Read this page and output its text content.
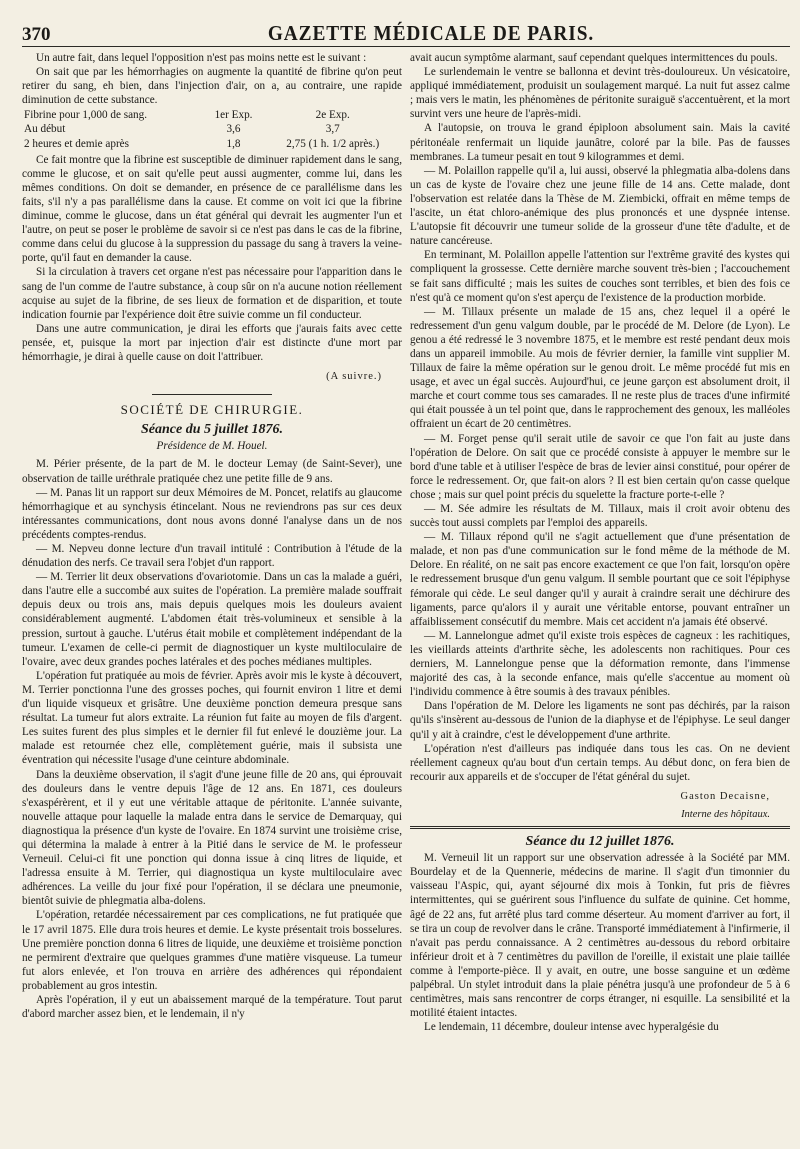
370	GAZETTE MÉDICALE DE PARIS.

Un autre fait, dans lequel l'opposition n'est pas moins nette est le suivant :

On sait que par les hémorrhagies on augmente la quantité de fibrine qu'on peut retirer du sang, eh bien, dans l'injection d'air, on a, au contraire, une rapide diminution de cette substance.

Fibrine pour 1,000 de sang.	1er Exp.	2e Exp.
Au début	3,6	3,7
2 heures et demie après	1,8	2,75 (1 h. 1/2 après.)

Ce fait montre que la fibrine est susceptible de diminuer rapidement dans le sang, comme le glucose, et on sait qu'elle peut aussi augmenter, comme lui, dans les mêmes conditions. On doit se demander, en présence de ce parallélisme dans les faits, s'il n'y a pas parallélisme dans la cause. Et comme on voit ici que la fibrine diminue, comme le glucose, dans un état général qui devrait les augmenter l'un et l'autre, on peut se poser le problème de savoir si ce n'est pas dans le cas de la fibrine, comme dans celui du glucose à la suppression du passage du sang à travers la veine-porte, qu'il faut en demander la cause.

Si la circulation à travers cet organe n'est pas nécessaire pour l'apparition dans le sang de l'un comme de l'autre substance, à coup sûr on n'a aucune notion réellement acquise au sujet de la fibrine, de ses lieux de formation et de disparition, et toute indication fournie par l'expérience doit être suivie comme un fil conducteur.

Dans une autre communication, je dirai les efforts que j'aurais faits avec cette pensée, et, puisque la mort par injection d'air est distincte d'une mort par hémorrhagie, je dirai à quelle cause on doit l'attribuer.

(A suivre.)
SOCIÉTÉ DE CHIRURGIE.
Séance du 5 juillet 1876.
Présidence de M. Houel.

M. Périer présente, de la part de M. le docteur Lemay (de Saint-Sever), une observation de taille uréthrale pratiquée chez une petite fille de 9 ans.

— M. Panas lit un rapport sur deux Mémoires de M. Poncet, relatifs au glaucome hémorrhagique et au synchysis étincelant. Nous ne reviendrons pas sur ces deux intéressantes communications, dont nous avons donné l'analyse dans un de nos précédents comptes-rendus.

— M. Nepveu donne lecture d'un travail intitulé : Contribution à l'étude de la dénudation des nerfs. Ce travail sera l'objet d'un rapport.

— M. Terrier lit deux observations d'ovariotomie. Dans un cas la malade a guéri, dans l'autre elle a succombé aux suites de l'opération. La première malade souffrait depuis deux ou trois ans, mais depuis quelques mois les douleurs avaient considérablement augmenté. L'abdomen était très-volumineux et sensible à la pression, surtout à gauche. L'utérus était mobile et complètement indépendant de la tumeur. L'examen de celle-ci permit de diagnostiquer un kyste multiloculaire de l'ovaire, avec deux grandes poches latérales et des poches médianes multiples.

L'opération fut pratiquée au mois de février. Après avoir mis le kyste à découvert, M. Terrier ponctionna l'une des grosses poches, qui fournit environ 1 litre et demi d'un liquide visqueux et grisâtre. Une deuxième ponction demeura presque sans résultat. La tumeur fut alors extraite. La réunion fut faite au moyen de fils d'argent. Les suites furent des plus simples et le dernier fil fut enlevé le douzième jour. La malade est retournée chez elle, complètement guérie, mais il subsista une éventration qui nécessite l'usage d'une ceinture abdominale.

Dans la deuxième observation, il s'agit d'une jeune fille de 20 ans, qui éprouvait des douleurs dans le ventre depuis l'âge de 12 ans. En 1871, ces douleurs s'exaspérèrent, et il y eut une véritable attaque de péritonite. L'année suivante, nouvelle attaque pour laquelle la malade entra dans le service de Demarquay, qui diagnostiqua la présence d'un kyste de l'ovaire. En 1874 survint une troisième crise, qui détermina la malade à entrer à la Pitié dans le service de M. le professeur Verneuil. Celui-ci fit une ponction qui donna issue à cinq litres de liquide, et l'adressa ensuite à M. Terrier, qui diagnostiqua un kyste multiloculaire avec adhérences. La veille du jour fixé pour l'opération, il se déclara une pneumonie, bientôt suivie de phlegmatia alba-dolens.

L'opération, retardée nécessairement par ces complications, ne fut pratiquée que le 17 avril 1875. Elle dura trois heures et demie. Le kyste présentait trois bosselures. Une première ponction donna 6 litres de liquide, une deuxième et troisième ponction ne permirent d'extraire que quelques grammes d'une matière visqueuse. La tumeur fut alors enlevée, et l'on trouva en arrière des adhérences qui répondaient probablement au gros intestin.

Après l'opération, il y eut un abaissement marqué de la température. Tout parut d'abord marcher assez bien, et le lendemain, il n'y

avait aucun symptôme alarmant, sauf cependant quelques intermittences du pouls.

Le surlendemain le ventre se ballonna et devint très-douloureux. Un vésicatoire, appliqué immédiatement, produisit un soulagement marqué. La nuit fut assez calme ; mais vers le matin, les phénomènes de péritonite suraiguë s'accentuèrent, et la mort survint vers une heure de l'après-midi.

A l'autopsie, on trouva le grand épiploon absolument sain. Mais la cavité péritonéale renfermait un liquide jaunâtre, coloré par la bile. Pas de fausses membranes. La tumeur pesait en tout 9 kilogrammes et demi.

— M. Polaillon rappelle qu'il a, lui aussi, observé la phlegmatia alba-dolens dans un cas de kyste de l'ovaire chez une jeune fille de 14 ans. Cette malade, dont l'observation est relatée dans la Thèse de M. Ziembicki, offrait en même temps de l'ascite, un état chloro-anémique des plus prononcés et une dyspnée intense. L'autopsie fit découvrir une tumeur solide de la grosseur d'une tête d'adulte, et de nature cancéreuse.

En terminant, M. Polaillon appelle l'attention sur l'extrême gravité des kystes qui compliquent la grossesse. Cette dernière marche souvent très-bien ; l'accouchement se fait sans difficulté ; mais les suites de couches sont terribles, et bien des fois ce n'est qu'à ce moment qu'on s'est aperçu de l'existence de la production morbide.

— M. Tillaux présente un malade de 15 ans, chez lequel il a opéré le redressement d'un genu valgum double, par le procédé de M. Delore (de Lyon). Le genou a été redressé le 3 novembre 1875, et le membre est resté pendant deux mois dans un appareil immobile. Au mois de février dernier, la famille vint supplier M. Tillaux de faire la même opération sur le genou droit. Le même procédé fut mis en usage, et avec un égal succès. Aujourd'hui, ce jeune garçon est absolument droit, il marche et court comme tous ses camarades. Il ne reste plus de traces d'une infirmité qui était poussée à un tel point que, dans le rapprochement des genoux, les malléoles offraient un écart de 20 centimètres.

— M. Forget pense qu'il serait utile de savoir ce que l'on fait au juste dans l'opération de Delore. On sait que ce procédé consiste à appuyer le membre sur le bord d'une table et à utiliser l'espèce de bras de levier ainsi constitué, pour opérer de force le redressement. Or, que fait-on alors ? Il est bien certain qu'on casse quelque chose ; mais sur quel point précis du squelette la fracture porte-t-elle ?

— M. Sée admire les résultats de M. Tillaux, mais il croit avoir obtenu des succès tout aussi complets par l'emploi des appareils.

— M. Tillaux répond qu'il ne s'agit actuellement que d'une présentation de malade, et non pas d'une communication sur le fond même de la méthode de M. Delore. En réalité, on ne sait pas encore exactement ce que l'on fait, lorsqu'on opère le redressement brusque d'un genu valgum. Il semble pourtant que ce soit l'épiphyse fémorale qui cède. Le seul danger qu'il y aurait à craindre serait une déchirure des ligaments, parce qu'alors il y aurait une véritable entorse, pouvant entraîner un affaiblissement consécutif du membre. Mais cet accident n'a jamais été observé.

— M. Lannelongue admet qu'il existe trois espèces de cagneux : les rachitiques, les vieillards atteints d'arthrite sèche, les adolescents non rachitiques. Pour ces derniers, M. Lannelongue pense que la déformation remonte, dans l'immense majorité des cas, à la seconde enfance, mais qu'elle s'accentue au moment où l'individu commence à être soumis à des travaux pénibles.

Dans l'opération de M. Delore les ligaments ne sont pas déchirés, par la raison qu'ils s'insèrent au-dessous de l'union de la diaphyse et de l'épiphyse. Le seul danger qu'il y ait à craindre, c'est le développement d'une arthrite.

L'opération n'est d'ailleurs pas indiquée dans tous les cas. On ne devient réellement cagneux qu'au bout d'un certain temps. Au début donc, on fera bien de recourir aux appareils et de s'occuper de l'état général du sujet.

Gaston Decaisne,
Interne des hôpitaux.
Séance du 12 juillet 1876.

M. Verneuil lit un rapport sur une observation adressée à la Société par MM. Bourdelay et de la Quennerie, médecins de marine. Il s'agit d'un timonnier du vaisseau l'Aspic, qui, ayant séjourné dix mois à Tonkin, fut pris de fièvres intermittentes, qui se guérirent sous l'influence du sulfate de quinine. Cet homme, âgé de 22 ans, fut arrêté plus tard comme déserteur. Au moment d'arriver au fort, il se tira un coup de revolver dans le crâne. Transporté immédiatement à l'infirmerie, il n'avait pas perdu connaissance. A 2 centimètres au-dessous du rebord orbitaire inférieur droit et à 7 centimètres du pavillon de l'oreille, il existait une plaie taillée comme à l'emporte-pièce. Il y avait, en outre, une bosse sanguine et un œdème palpébral. Un stylet introduit dans la plaie pénétra jusqu'à une profondeur de 5 à 6 centimètres, mais sans rencontrer de corps étranger, ni esquille. La sensibilité et la motilité étaient intactes.

Le lendemain, 11 décembre, douleur intense avec hyperalgésie du
